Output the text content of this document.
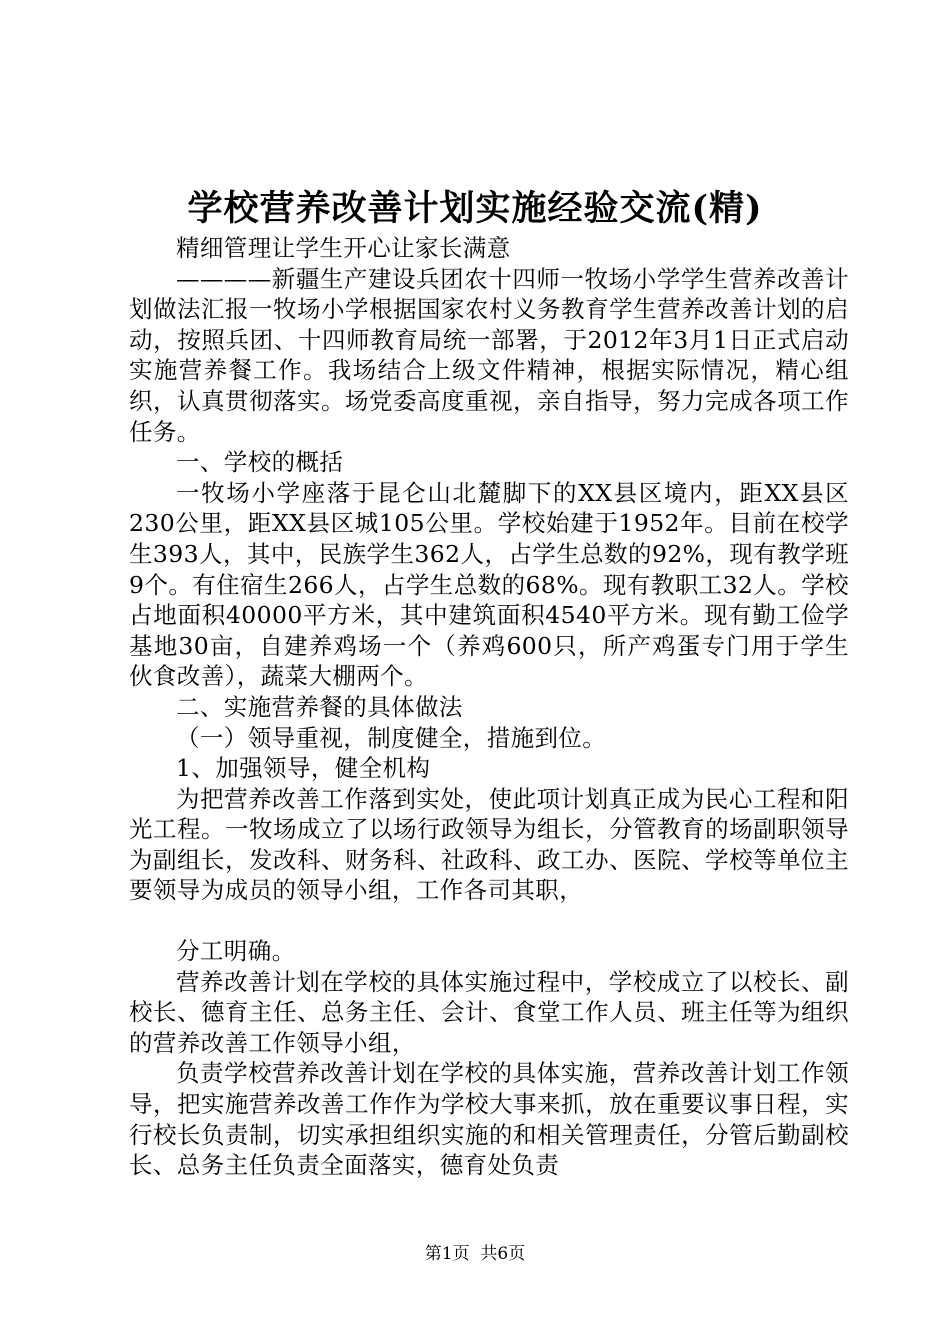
学校营养改善计划实施经验交流(精)

精细管理让学生开心让家长满意

————新疆生产建设兵团农十四师一牧场小学学生营养改善计划做法汇报一牧场小学根据国家农村义务教育学生营养改善计划的启动，按照兵团、十四师教育局统一部署，于2012年3月1日正式启动实施营养餐工作。我场结合上级文件精神，根据实际情况，精心组织，认真贯彻落实。场党委高度重视，亲自指导，努力完成各项工作任务。

一、学校的概括

一牧场小学座落于昆仑山北麓脚下的XX县区境内，距XX县区230公里，距XX县区城105公里。学校始建于1952年。目前在校学生393人，其中，民族学生362人，占学生总数的92%，现有教学班9个。有住宿生266人，占学生总数的68%。现有教职工32人。学校占地面积40000平方米，其中建筑面积4540平方米。现有勤工俭学基地30亩，自建养鸡场一个（养鸡600只，所产鸡蛋专门用于学生伙食改善），蔬菜大棚两个。

二、实施营养餐的具体做法

（一）领导重视，制度健全，措施到位。

1、加强领导，健全机构

为把营养改善工作落到实处，使此项计划真正成为民心工程和阳光工程。一牧场成立了以场行政领导为组长，分管教育的场副职领导为副组长，发改科、财务科、社政科、政工办、医院、学校等单位主要领导为成员的领导小组，工作各司其职，

分工明确。

营养改善计划在学校的具体实施过程中，学校成立了以校长、副校长、德育主任、总务主任、会计、食堂工作人员、班主任等为组织的营养改善工作领导小组，

负责学校营养改善计划在学校的具体实施，营养改善计划工作领导，把实施营养改善工作作为学校大事来抓，放在重要议事日程，实行校长负责制，切实承担组织实施的和相关管理责任，分管后勤副校长、总务主任负责全面落实，德育处负责

第1页 共6页
